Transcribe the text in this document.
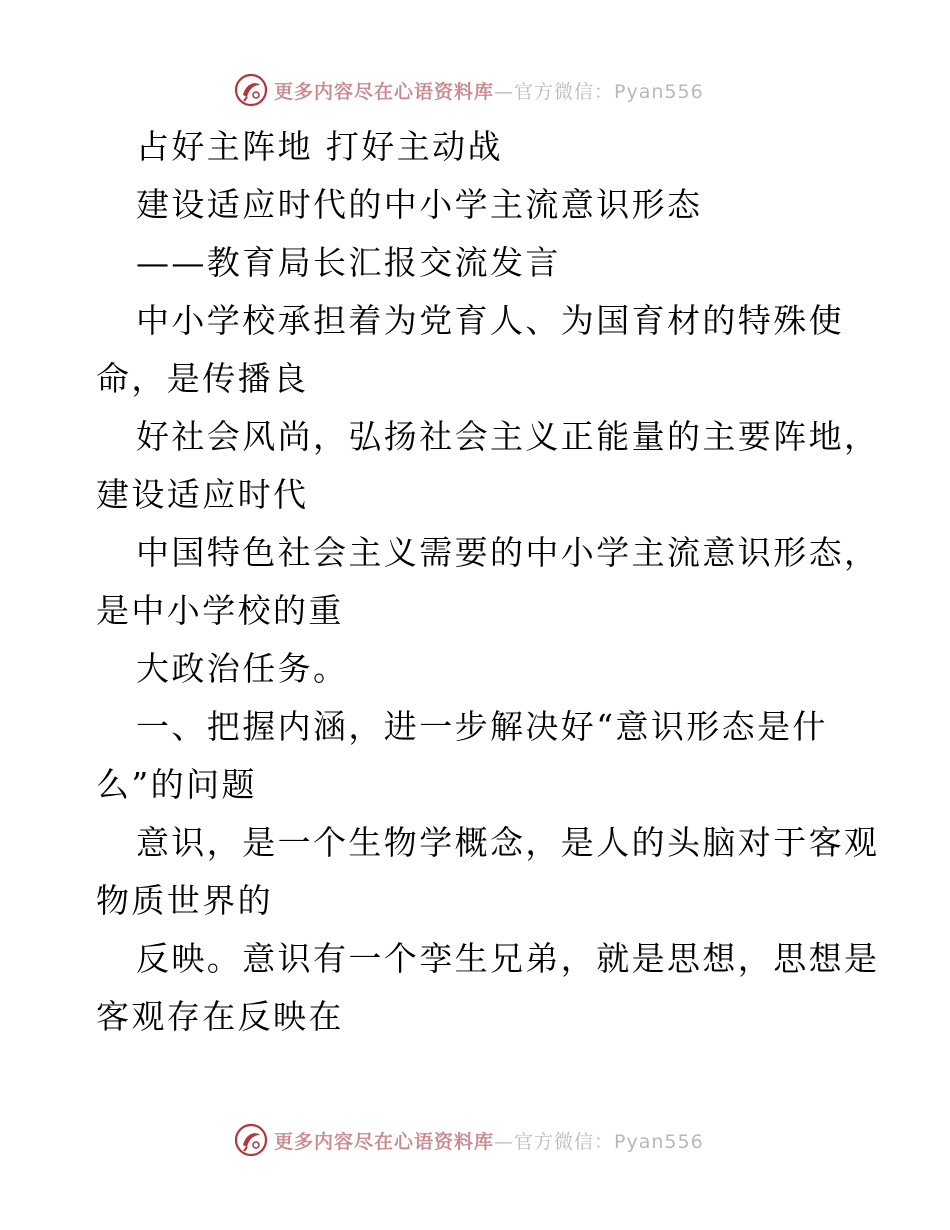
更多内容尽在心语资料库—官方微信：Pyan556
占好主阵地 打好主动战
建设适应时代的中小学主流意识形态
——教育局长汇报交流发言
中小学校承担着为党育人、为国育材的特殊使
命，是传播良
好社会风尚，弘扬社会主义正能量的主要阵地，
建设适应时代
中国特色社会主义需要的中小学主流意识形态，
是中小学校的重
大政治任务。
一、把握内涵，进一步解决好“意识形态是什
么”的问题
意识，是一个生物学概念，是人的头脑对于客观
物质世界的
反映。意识有一个孪生兄弟，就是思想，思想是
客观存在反映在
更多内容尽在心语资料库—官方微信：Pyan556
